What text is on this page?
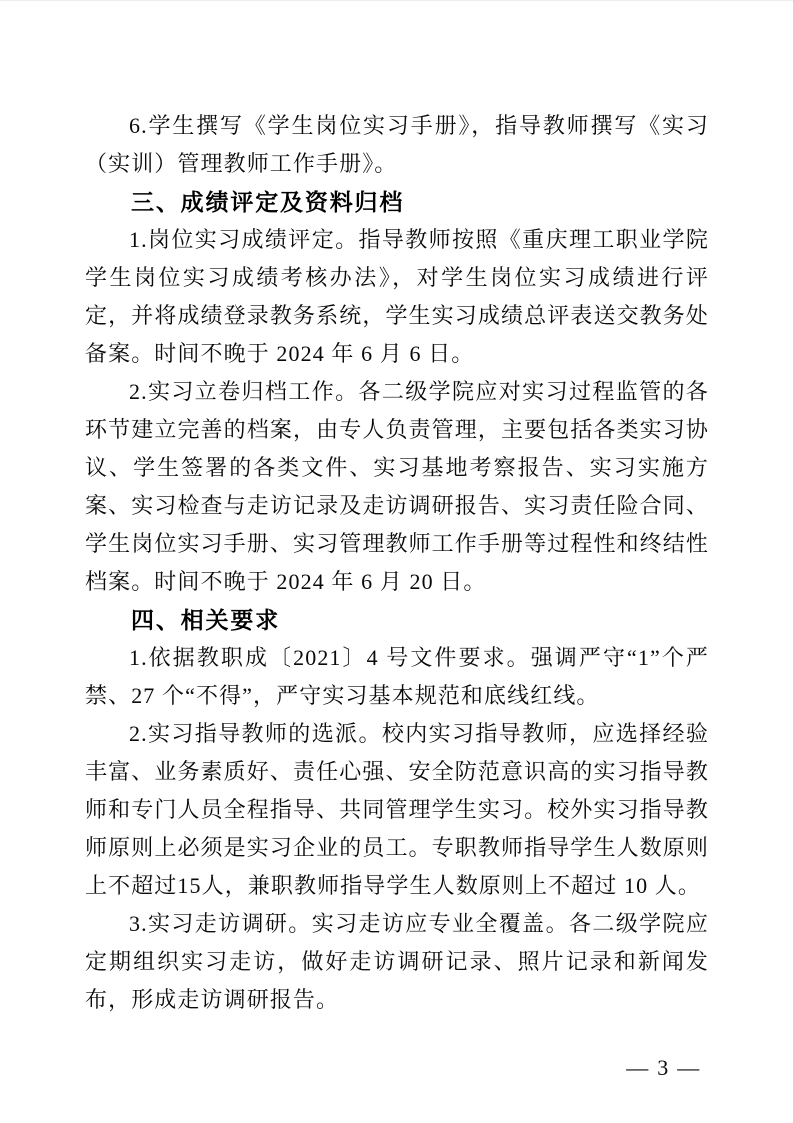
6.学生撰写《学生岗位实习手册》，指导教师撰写《实习（实训）管理教师工作手册》。

三、成绩评定及资料归档

1.岗位实习成绩评定。指导教师按照《重庆理工职业学院学生岗位实习成绩考核办法》，对学生岗位实习成绩进行评定，并将成绩登录教务系统，学生实习成绩总评表送交教务处备案。时间不晚于 2024 年 6 月 6 日。

2.实习立卷归档工作。各二级学院应对实习过程监管的各环节建立完善的档案，由专人负责管理，主要包括各类实习协议、学生签署的各类文件、实习基地考察报告、实习实施方案、实习检查与走访记录及走访调研报告、实习责任险合同、学生岗位实习手册、实习管理教师工作手册等过程性和终结性档案。时间不晚于 2024 年 6 月 20 日。

四、相关要求

1.依据教职成〔2021〕4 号文件要求。强调严守“1”个严禁、27 个“不得”，严守实习基本规范和底线红线。

2.实习指导教师的选派。校内实习指导教师，应选择经验丰富、业务素质好、责任心强、安全防范意识高的实习指导教师和专门人员全程指导、共同管理学生实习。校外实习指导教师原则上必须是实习企业的员工。专职教师指导学生人数原则上不超过15人，兼职教师指导学生人数原则上不超过 10 人。

3.实习走访调研。实习走访应专业全覆盖。各二级学院应定期组织实习走访，做好走访调研记录、照片记录和新闻发布，形成走访调研报告。

— 3 —
